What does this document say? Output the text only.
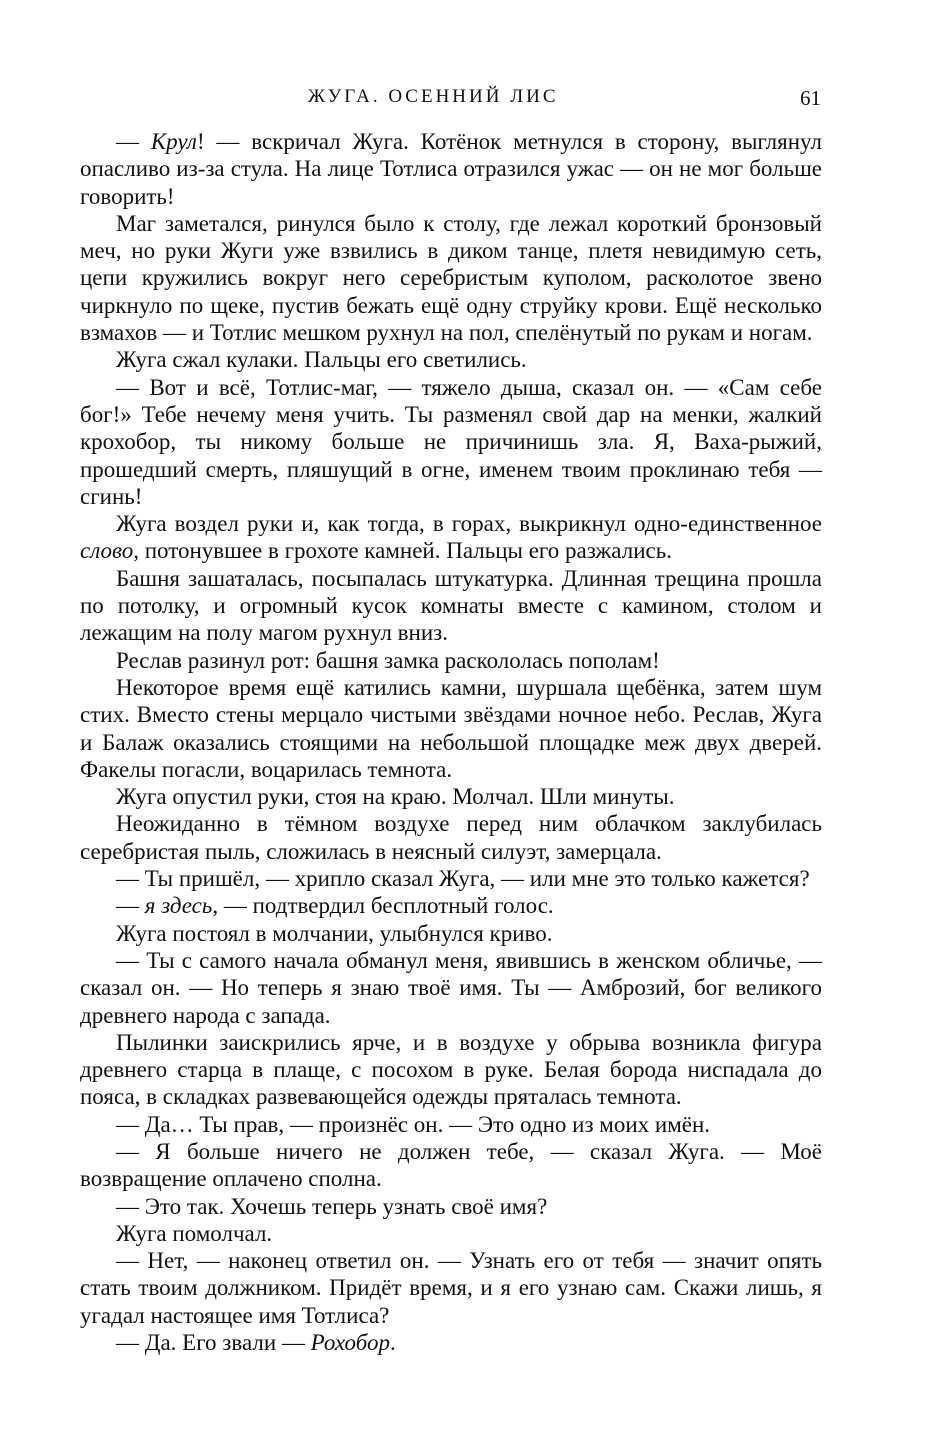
ЖУГА. ОСЕННИЙ ЛИС	61

— Крул! — вскричал Жуга. Котёнок метнулся в сторону, выглянул опасливо из-за стула. На лице Тотлиса отразился ужас — он не мог больше говорить!

Маг заметался, ринулся было к столу, где лежал короткий бронзовый меч, но руки Жуги уже взвились в диком танце, плетя невидимую сеть, цепи кружились вокруг него серебристым куполом, расколотое звено чиркнуло по щеке, пустив бежать ещё одну струйку крови. Ещё несколько взмахов — и Тотлис мешком рухнул на пол, спелёнутый по рукам и ногам.

Жуга сжал кулаки. Пальцы его светились.

— Вот и всё, Тотлис-маг, — тяжело дыша, сказал он. — «Сам себе бог!» Тебе нечему меня учить. Ты разменял свой дар на менки, жалкий крохобор, ты никому больше не причинишь зла. Я, Ваха-рыжий, прошедший смерть, пляшущий в огне, именем твоим проклинаю тебя — сгинь!

Жуга воздел руки и, как тогда, в горах, выкрикнул одно-единственное слово, потонувшее в грохоте камней. Пальцы его разжались.

Башня зашаталась, посыпалась штукатурка. Длинная трещина прошла по потолку, и огромный кусок комнаты вместе с камином, столом и лежащим на полу магом рухнул вниз.

Реслав разинул рот: башня замка раскололась пополам!

Некоторое время ещё катились камни, шуршала щебёнка, затем шум стих. Вместо стены мерцало чистыми звёздами ночное небо. Реслав, Жуга и Балаж оказались стоящими на небольшой площадке меж двух дверей. Факелы погасли, воцарилась темнота.

Жуга опустил руки, стоя на краю. Молчал. Шли минуты.

Неожиданно в тёмном воздухе перед ним облачком заклубилась серебристая пыль, сложилась в неясный силуэт, замерцала.

— Ты пришёл, — хрипло сказал Жуга, — или мне это только кажется?

— я здесь, — подтвердил бесплотный голос.

Жуга постоял в молчании, улыбнулся криво.

— Ты с самого начала обманул меня, явившись в женском обличье, — сказал он. — Но теперь я знаю твоё имя. Ты — Амброзий, бог великого древнего народа с запада.

Пылинки заискрились ярче, и в воздухе у обрыва возникла фигура древнего старца в плаще, с посохом в руке. Белая борода ниспадала до пояса, в складках развевающейся одежды пряталась темнота.

— Да… Ты прав, — произнёс он. — Это одно из моих имён.

— Я больше ничего не должен тебе, — сказал Жуга. — Моё возвращение оплачено сполна.

— Это так. Хочешь теперь узнать своё имя?

Жуга помолчал.

— Нет, — наконец ответил он. — Узнать его от тебя — значит опять стать твоим должником. Придёт время, и я его узнаю сам. Скажи лишь, я угадал настоящее имя Тотлиса?

— Да. Его звали — Рохобор.
